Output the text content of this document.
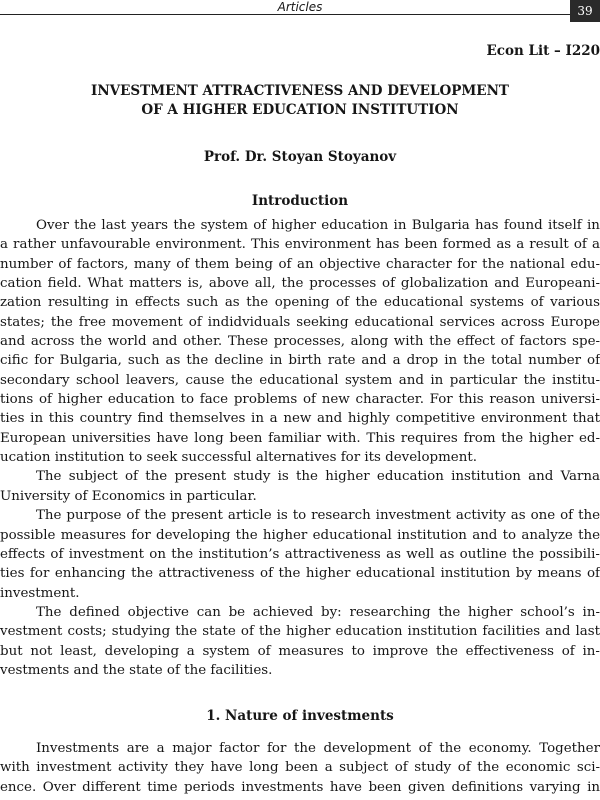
Articles	39
Econ Lit – I220
INVESTMENT ATTRACTIVENESS AND DEVELOPMENT
OF A HIGHER EDUCATION INSTITUTION
Prof. Dr. Stoyan Stoyanov
Introduction

Over the last years the system of higher education in Bulgaria has found itself in
a rather unfavourable environment. This environment has been formed as a result of a
number of factors, many of them being of an objective character for the national edu-
cation field. What matters is, above all, the processes of globalization and Europeani-
zation resulting in effects such as the opening of the educational systems of various
states; the free movement of indidviduals seeking educational services across Europe
and across the world and other. These processes, along with the effect of factors spe-
cific for Bulgaria, such as the decline in birth rate and a drop in the total number of
secondary school leavers, cause the educational system and in particular the institu-
tions of higher education to face problems of new character. For this reason universi-
ties in this country find themselves in a new and highly competitive environment that
European universities have long been familiar with. This requires from the higher ed-
ucation institution to seek successful alternatives for its development.

The subject of the present study is the higher education institution and Varna
University of Economics in particular.

The purpose of the present article is to research investment activity as one of the
possible measures for developing the higher educational institution and to analyze the
effects of investment on the institution’s attractiveness as well as outline the possibili-
ties for enhancing the attractiveness of the higher educational institution by means of
investment.

The defined objective can be achieved by: researching the higher school’s in-
vestment costs; studying the state of the higher education institution facilities and last
but not least, developing a system of measures to improve the effectiveness of in-
vestments and the state of the facilities.

1. Nature of investments

Investments are a major factor for the development of the economy. Together
with investment activity they have long been a subject of study of the economic sci-
ence. Over different time periods investments have been given definitions varying in
